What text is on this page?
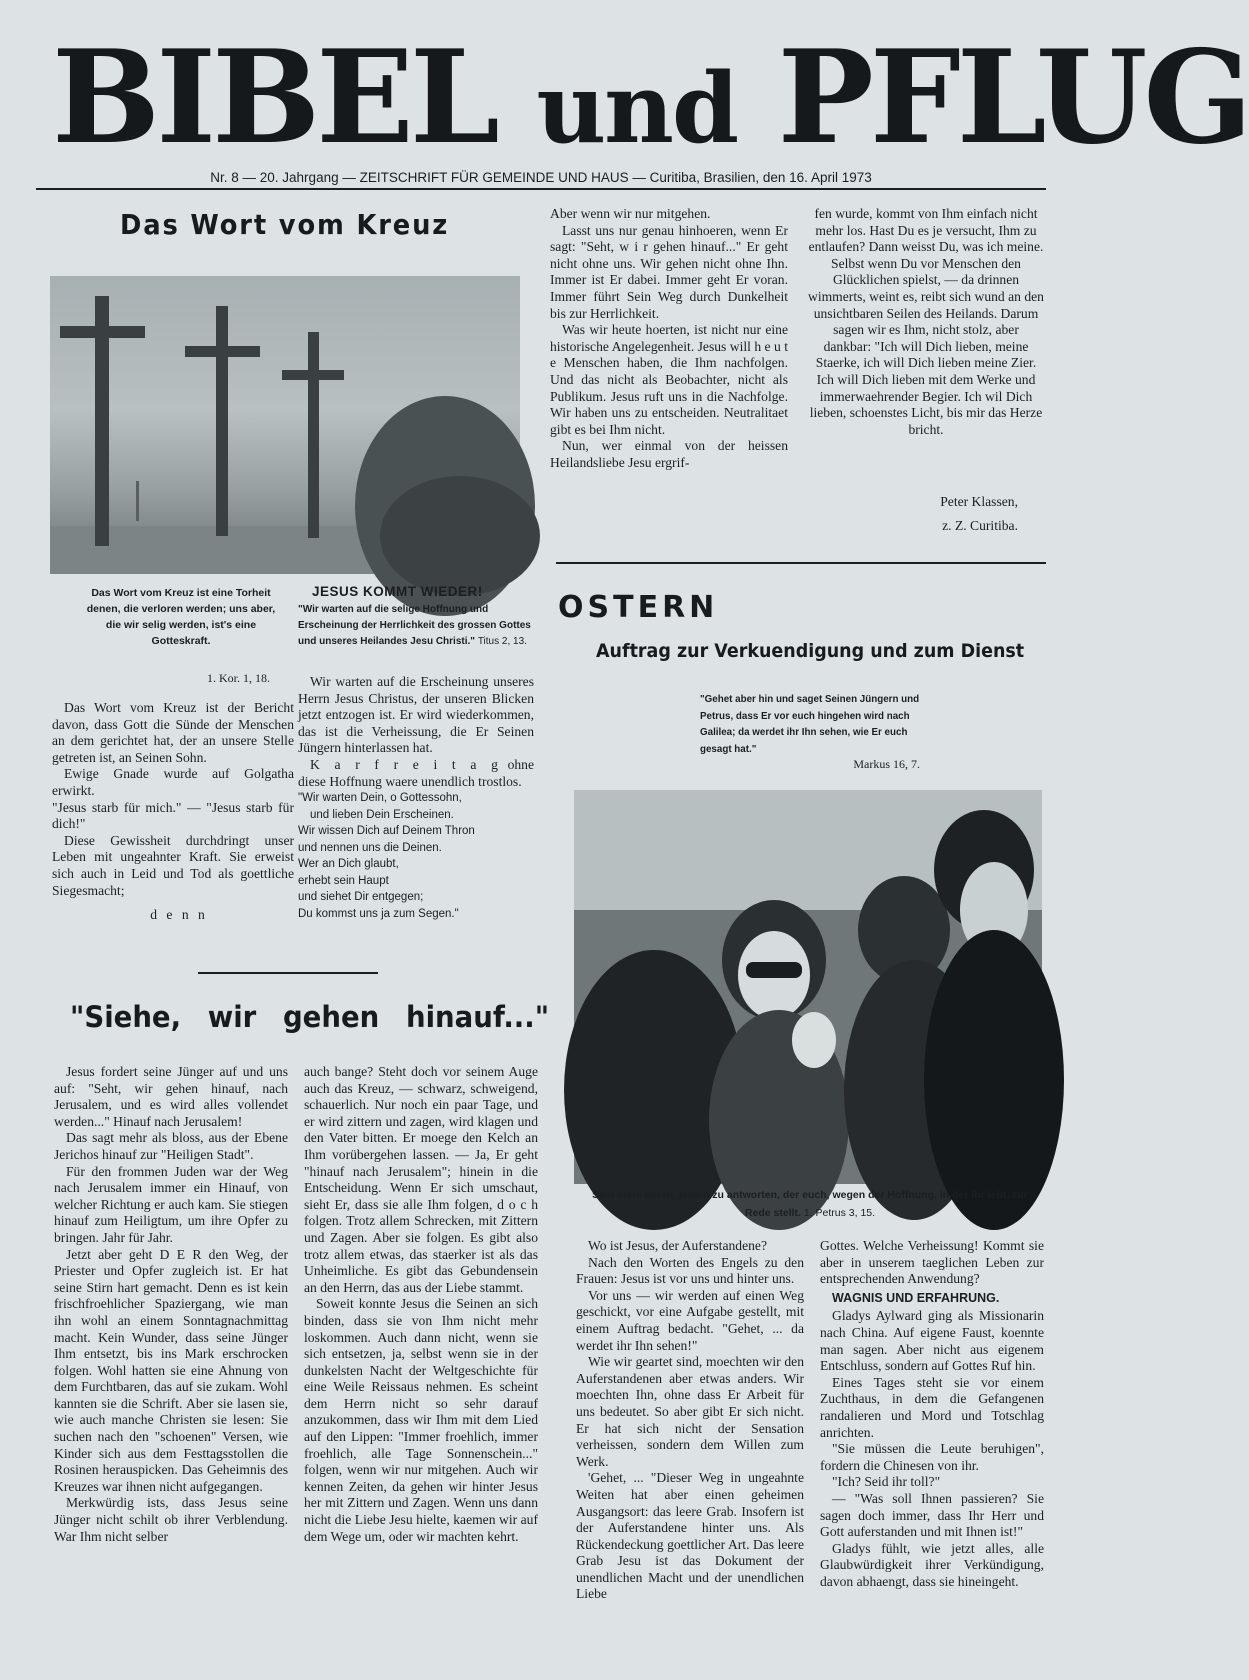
BIBEL und PFLUG
Nr. 8 — 20. Jahrgang — ZEITSCHRIFT FÜR GEMEINDE UND HAUS — Curitiba, Brasilien, den 16. April 1973
Das Wort vom Kreuz
Das Wort vom Kreuz ist eine Torheit denen, die verloren werden; uns aber, die wir selig werden, ist's eine Gotteskraft.
1. Kor. 1, 18.

Das Wort vom Kreuz ist der Bericht davon, dass Gott die Sünde der Menschen an dem gerichtet hat, der an unsere Stelle getreten ist, an Seinen Sohn.

Ewige Gnade wurde auf Golgatha erwirkt.

"Jesus starb für mich." — "Jesus starb für dich!"

Diese Gewissheit durchdringt unser Leben mit ungeahnter Kraft. Sie erweist sich auch in Leid und Tod als goettliche Siegesmacht;

d e n n

JESUS KOMMT WIEDER!
"Wir warten auf die selige Hoffnung und Erscheinung der Herrlichkeit des grossen Gottes und unseres Heilandes Jesu Christi." Titus 2, 13.

Wir warten auf die Erscheinung unseres Herrn Jesus Christus, der unseren Blicken jetzt entzogen ist. Er wird wiederkommen, das ist die Verheissung, die Er Seinen Jüngern hinterlassen hat.

K a r f r e i t a g ohne diese Hoffnung waere unendlich trostlos.

"Wir warten Dein, o Gottessohn,
und lieben Dein Erscheinen.
Wir wissen Dich auf Deinem Thron
und nennen uns die Deinen.
Wer an Dich glaubt,
erhebt sein Haupt
und siehet Dir entgegen;
Du kommst uns ja zum Segen."
"Siehe, wir gehen hinauf..."

Jesus fordert seine Jünger auf und uns auf: "Seht, wir gehen hinauf, nach Jerusalem, und es wird alles vollendet werden..." Hinauf nach Jerusalem!

Das sagt mehr als bloss, aus der Ebene Jerichos hinauf zur "Heiligen Stadt".

Für den frommen Juden war der Weg nach Jerusalem immer ein Hinauf, von welcher Richtung er auch kam. Sie stiegen hinauf zum Heiligtum, um ihre Opfer zu bringen. Jahr für Jahr.

Jetzt aber geht D E R den Weg, der Priester und Opfer zugleich ist. Er hat seine Stirn hart gemacht. Denn es ist kein frischfroehlicher Spaziergang, wie man ihn wohl an einem Sonntagnachmittag macht. Kein Wunder, dass seine Jünger Ihm entsetzt, bis ins Mark erschrocken folgen. Wohl hatten sie eine Ahnung von dem Furchtbaren, das auf sie zukam. Wohl kannten sie die Schrift. Aber sie lasen sie, wie auch manche Christen sie lesen: Sie suchen nach den "schoenen" Versen, wie Kinder sich aus dem Festtagsstollen die Rosinen herauspicken. Das Geheimnis des Kreuzes war ihnen nicht aufgegangen.

Merkwürdig ists, dass Jesus seine Jünger nicht schilt ob ihrer Verblendung. War Ihm nicht selber

auch bange? Steht doch vor seinem Auge auch das Kreuz, — schwarz, schweigend, schauerlich. Nur noch ein paar Tage, und er wird zittern und zagen, wird klagen und den Vater bitten. Er moege den Kelch an Ihm vorübergehen lassen. — Ja, Er geht "hinauf nach Jerusalem"; hinein in die Entscheidung. Wenn Er sich umschaut, sieht Er, dass sie alle Ihm folgen, d o c h folgen. Trotz allem Schrecken, mit Zittern und Zagen. Aber sie folgen. Es gibt also trotz allem etwas, das staerker ist als das Unheimliche. Es gibt das Gebundensein an den Herrn, das aus der Liebe stammt.

Soweit konnte Jesus die Seinen an sich binden, dass sie von Ihm nicht mehr loskommen. Auch dann nicht, wenn sie sich entsetzen, ja, selbst wenn sie in der dunkelsten Nacht der Weltgeschichte für eine Weile Reissaus nehmen. Es scheint dem Herrn nicht so sehr darauf anzukommen, dass wir Ihm mit dem Lied auf den Lippen: "Immer froehlich, immer froehlich, alle Tage Sonnenschein..." folgen, wenn wir nur mitgehen. Auch wir kennen Zeiten, da gehen wir hinter Jesus her mit Zittern und Zagen. Wenn uns dann nicht die Liebe Jesu hielte, kaemen wir auf dem Wege um, oder wir machten kehrt.

Aber wenn wir nur mitgehen.

Lasst uns nur genau hinhoeren, wenn Er sagt: "Seht, w i r gehen hinauf..." Er geht nicht ohne uns. Wir gehen nicht ohne Ihn. Immer ist Er dabei. Immer geht Er voran. Immer führt Sein Weg durch Dunkelheit bis zur Herrlichkeit.

Was wir heute hoerten, ist nicht nur eine historische Angelegenheit. Jesus will h e u t e Menschen haben, die Ihm nachfolgen. Und das nicht als Beobachter, nicht als Publikum. Jesus ruft uns in die Nachfolge. Wir haben uns zu entscheiden. Neutralitaet gibt es bei Ihm nicht.

Nun, wer einmal von der heissen Heilandsliebe Jesu ergrif-

fen wurde, kommt von Ihm einfach nicht mehr los. Hast Du es je versucht, Ihm zu entlaufen? Dann weisst Du, was ich meine. Selbst wenn Du vor Menschen den Glücklichen spielst, — da drinnen wimmerts, weint es, reibt sich wund an den unsichtbaren Seilen des Heilands. Darum sagen wir es Ihm, nicht stolz, aber dankbar: "Ich will Dich lieben, meine Staerke, ich will Dich lieben meine Zier. Ich will Dich lieben mit dem Werke und immerwaehrender Begier. Ich wil Dich lieben, schoenstes Licht, bis mir das Herze bricht.

Peter Klassen,
z. Z. Curitiba.
OSTERN
Auftrag zur Verkuendigung und zum Dienst
"Gehet aber hin und saget Seinen Jüngern und Petrus, dass Er vor euch hingehen wird nach Galilea; da werdet ihr Ihn sehen, wie Er euch gesagt hat."
Markus 16, 7.
Seid stets bereit, jedem zu antworten, der euch, wegen der Hoffnung, in der ihr lebt, zur Rede stellt. 1. Petrus 3, 15.

Wo ist Jesus, der Auferstandene?

Nach den Worten des Engels zu den Frauen: Jesus ist vor uns und hinter uns.

Vor uns — wir werden auf einen Weg geschickt, vor eine Aufgabe gestellt, mit einem Auftrag bedacht. "Gehet, ... da werdet ihr Ihn sehen!"

Wie wir geartet sind, moechten wir den Auferstandenen aber etwas anders. Wir moechten Ihn, ohne dass Er Arbeit für uns bedeutet. So aber gibt Er sich nicht. Er hat sich nicht der Sensation verheissen, sondern dem Willen zum Werk.

'Gehet, ... "Dieser Weg in ungeahnte Weiten hat aber einen geheimen Ausgangsort: das leere Grab. Insofern ist der Auferstandene hinter uns. Als Rückendeckung goettlicher Art. Das leere Grab Jesu ist das Dokument der unendlichen Macht und der unendlichen Liebe

Gottes. Welche Verheissung! Kommt sie aber in unserem taeglichen Leben zur entsprechenden Anwendung?

WAGNIS UND ERFAHRUNG.

Gladys Aylward ging als Missionarin nach China. Auf eigene Faust, koennte man sagen. Aber nicht aus eigenem Entschluss, sondern auf Gottes Ruf hin.

Eines Tages steht sie vor einem Zuchthaus, in dem die Gefangenen randalieren und Mord und Totschlag anrichten.

"Sie müssen die Leute beruhigen", fordern die Chinesen von ihr.

"Ich? Seid ihr toll?"

— "Was soll Ihnen passieren? Sie sagen doch immer, dass Ihr Herr und Gott auferstanden und mit Ihnen ist!"

Gladys fühlt, wie jetzt alles, alle Glaubwürdigkeit ihrer Verkündigung, davon abhaengt, dass sie hineingeht.
